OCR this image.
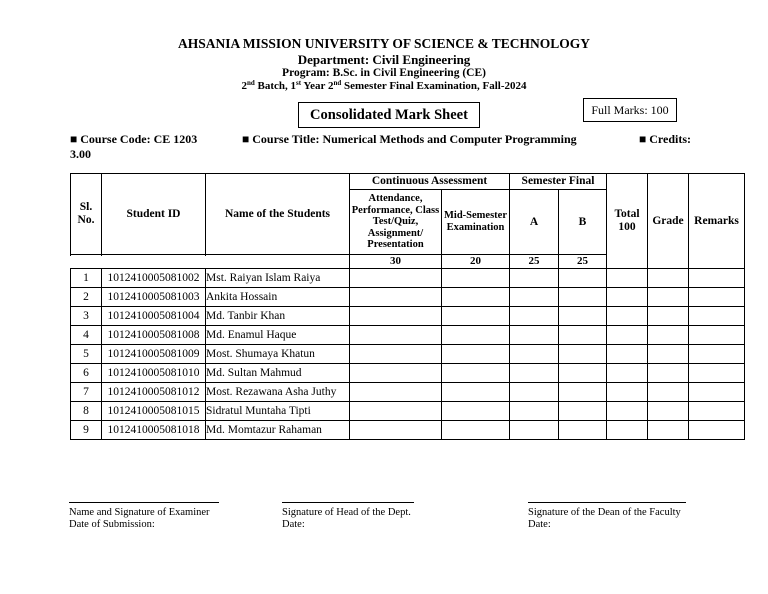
AHSANIA MISSION UNIVERSITY OF SCIENCE & TECHNOLOGY
Department: Civil Engineering
Program: B.Sc. in Civil Engineering (CE)
2nd Batch, 1st Year 2nd Semester Final Examination, Fall-2024
Consolidated Mark Sheet	Full Marks: 100
■ Course Code: CE 1203	■ Course Title: Numerical Methods and Computer Programming	■ Credits:
3.00
Sl. No.	Student ID	Name of the Students	Continuous Assessment		Semester Final		Total 100	Grade	Remarks
			Attendance, Performance, Class Test/Quiz, Assignment/ Presentation	Mid-Semester Examination	A	B			

			30	20	25	25			
1	1012410005081002	Mst. Raiyan Islam Raiya							
2	1012410005081003	Ankita Hossain							
3	1012410005081004	Md. Tanbir Khan							
4	1012410005081008	Md. Enamul Haque							
5	1012410005081009	Most. Shumaya Khatun							
6	1012410005081010	Md. Sultan Mahmud							
7	1012410005081012	Most. Rezawana Asha Juthy							
8	1012410005081015	Sidratul Muntaha Tipti							
9	1012410005081018	Md. Momtazur Rahaman							
Name and Signature of Examiner
Date of Submission:
Signature of Head of the Dept.
Date:
Signature of the Dean of the Faculty
Date:
